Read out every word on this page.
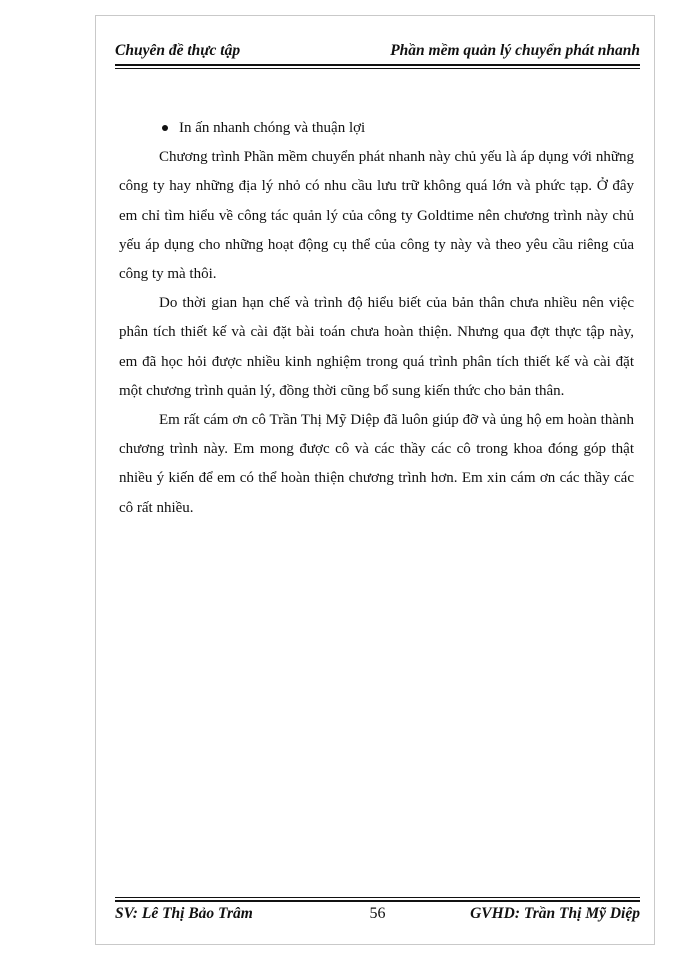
Chuyên đề thực tập	Phần mềm quản lý chuyển phát nhanh
In ấn nhanh chóng và thuận lợi

Chương trình Phần mềm chuyển phát nhanh này chủ yếu là áp dụng với những công ty hay những địa lý nhỏ có nhu cầu lưu trữ không quá lớn và phức tạp. Ở đây em chỉ tìm hiểu về công tác quản lý của công ty Goldtime nên chương trình này chủ yếu áp dụng cho những hoạt động cụ thể của công ty này và theo yêu cầu riêng của công ty mà thôi.

Do thời gian hạn chế và trình độ hiểu biết của bản thân chưa nhiều nên việc phân tích thiết kế và cài đặt bài toán chưa hoàn thiện. Nhưng qua đợt thực tập này, em đã học hỏi được nhiều kinh nghiệm trong quá trình phân tích thiết kế và cài đặt một chương trình quản lý, đồng thời cũng bổ sung kiến thức cho bản thân.

Em rất cám ơn cô Trần Thị Mỹ Diệp đã luôn giúp đỡ và ủng hộ em hoàn thành chương trình này. Em mong được cô và các thầy các cô trong khoa đóng góp thật nhiều ý kiến để em có thể hoàn thiện chương trình hơn. Em xin cám ơn các thầy các cô rất nhiều.

SV: Lê Thị Bảo Trâm	56	GVHD: Trần Thị Mỹ Diệp
